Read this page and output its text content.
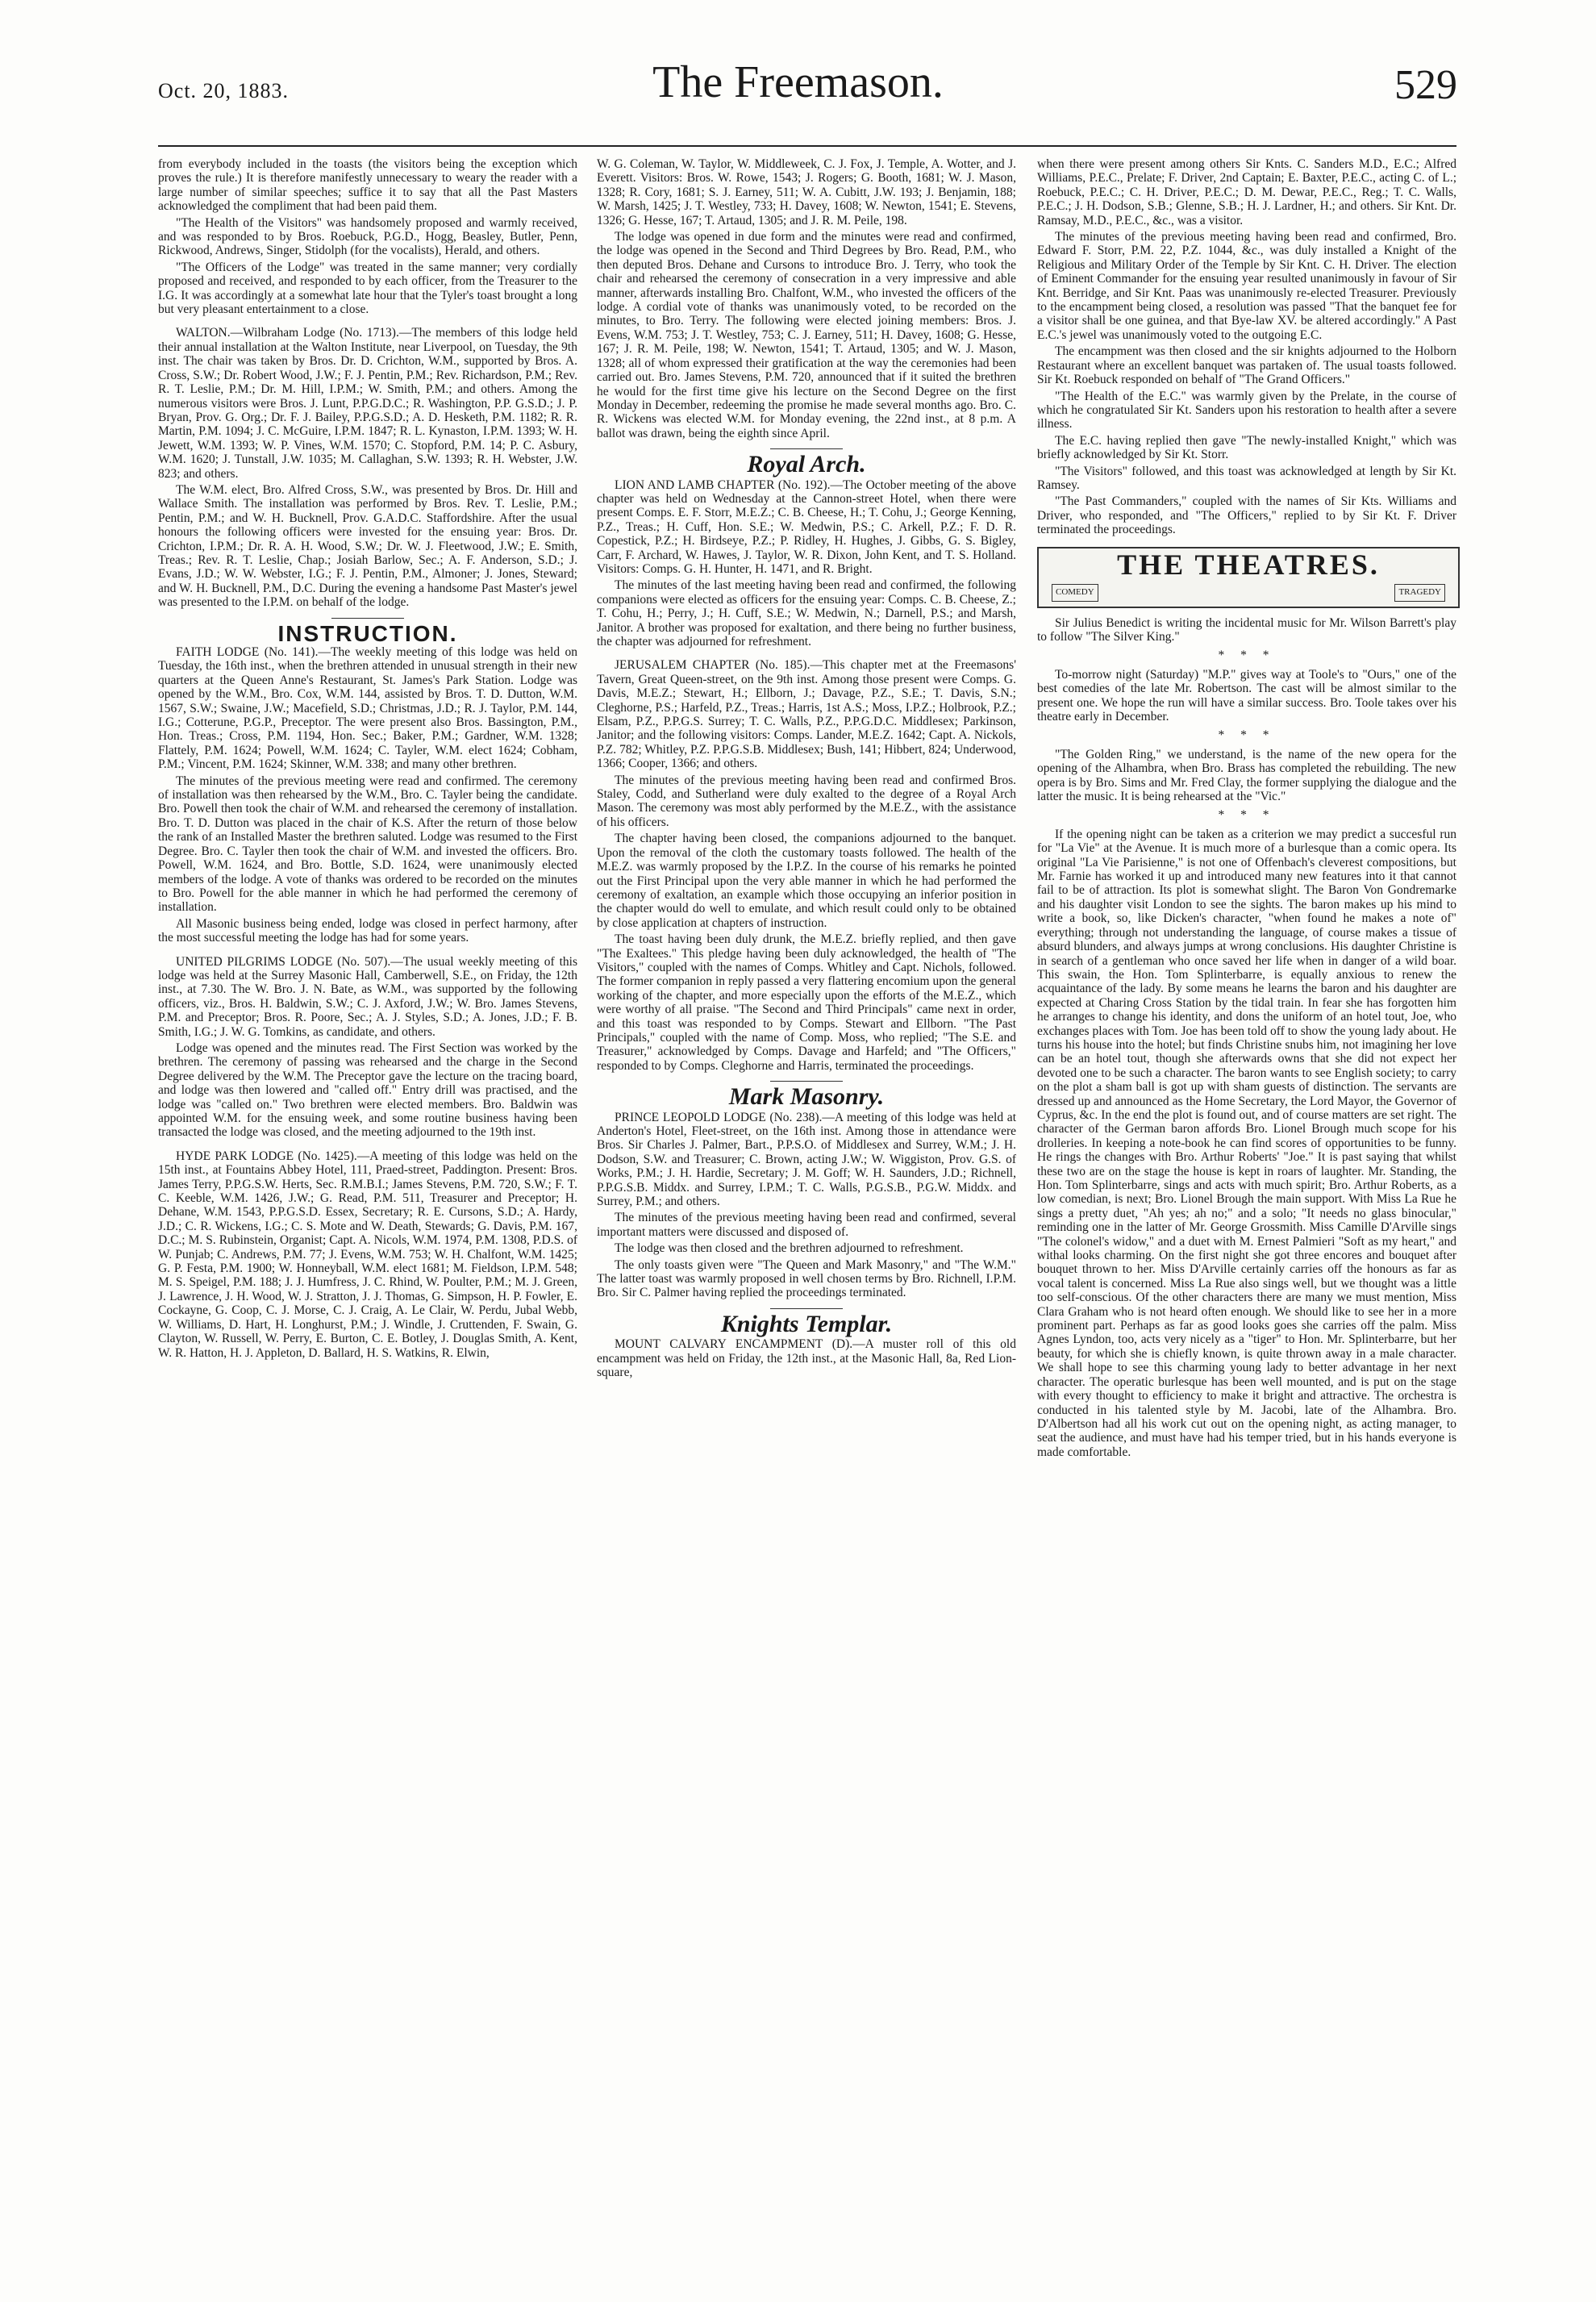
Oct. 20, 1883.	The Freemason.	529

from everybody included in the toasts (the visitors being the exception which proves the rule.) It is therefore manifestly unnecessary to weary the reader with a large number of similar speeches; suffice it to say that all the Past Masters acknowledged the compliment that had been paid them.

"The Health of the Visitors" was handsomely proposed and warmly received, and was responded to by Bros. Roebuck, P.G.D., Hogg, Beasley, Butler, Penn, Rickwood, Andrews, Singer, Stidolph (for the vocalists), Herald, and others.

"The Officers of the Lodge" was treated in the same manner; very cordially proposed and received, and responded to by each officer, from the Treasurer to the I.G. It was accordingly at a somewhat late hour that the Tyler's toast brought a long but very pleasant entertainment to a close.

WALTON.—Wilbraham Lodge (No. 1713).—The members of this lodge held their annual installation at the Walton Institute, near Liverpool, on Tuesday, the 9th inst. The chair was taken by Bros. Dr. D. Crichton, W.M., supported by Bros. A. Cross, S.W.; Dr. Robert Wood, J.W.; F. J. Pentin, P.M.; Rev. Richardson, P.M.; Rev. R. T. Leslie, P.M.; Dr. M. Hill, I.P.M.; W. Smith, P.M.; and others. Among the numerous visitors were Bros. J. Lunt, P.P.G.D.C.; R. Washington, P.P. G.S.D.; J. P. Bryan, Prov. G. Org.; Dr. F. J. Bailey, P.P.G.S.D.; A. D. Hesketh, P.M. 1182; R. R. Martin, P.M. 1094; J. C. McGuire, I.P.M. 1847; R. L. Kynaston, I.P.M. 1393; W. H. Jewett, W.M. 1393; W. P. Vines, W.M. 1570; C. Stopford, P.M. 14; P. C. Asbury, W.M. 1620; J. Tunstall, J.W. 1035; M. Callaghan, S.W. 1393; R. H. Webster, J.W. 823; and others.

The W.M. elect, Bro. Alfred Cross, S.W., was presented by Bros. Dr. Hill and Wallace Smith. The installation was performed by Bros. Rev. T. Leslie, P.M.; Pentin, P.M.; and W. H. Bucknell, Prov. G.A.D.C. Staffordshire. After the usual honours the following officers were invested for the ensuing year: Bros. Dr. Crichton, I.P.M.; Dr. R. A. H. Wood, S.W.; Dr. W. J. Fleetwood, J.W.; E. Smith, Treas.; Rev. R. T. Leslie, Chap.; Josiah Barlow, Sec.; A. F. Anderson, S.D.; J. Evans, J.D.; W. W. Webster, I.G.; F. J. Pentin, P.M., Almoner; J. Jones, Steward; and W. H. Bucknell, P.M., D.C. During the evening a handsome Past Master's jewel was presented to the I.P.M. on behalf of the lodge.

INSTRUCTION.

FAITH LODGE (No. 141).—The weekly meeting of this lodge was held on Tuesday, the 16th inst., when the brethren attended in unusual strength in their new quarters at the Queen Anne's Restaurant, St. James's Park Station. Lodge was opened by the W.M., Bro. Cox, W.M. 144, assisted by Bros. T. D. Dutton, W.M. 1567, S.W.; Swaine, J.W.; Macefield, S.D.; Christmas, J.D.; R. J. Taylor, P.M. 144, I.G.; Cotterune, P.G.P., Preceptor. The were present also Bros. Bassington, P.M., Hon. Treas.; Cross, P.M. 1194, Hon. Sec.; Baker, P.M.; Gardner, W.M. 1328; Flattely, P.M. 1624; Powell, W.M. 1624; C. Tayler, W.M. elect 1624; Cobham, P.M.; Vincent, P.M. 1624; Skinner, W.M. 338; and many other brethren.

The minutes of the previous meeting were read and confirmed. The ceremony of installation was then rehearsed by the W.M., Bro. C. Tayler being the candidate. Bro. Powell then took the chair of W.M. and rehearsed the ceremony of installation. Bro. T. D. Dutton was placed in the chair of K.S. After the return of those below the rank of an Installed Master the brethren saluted. Lodge was resumed to the First Degree. Bro. C. Tayler then took the chair of W.M. and invested the officers. Bro. Powell, W.M. 1624, and Bro. Bottle, S.D. 1624, were unanimously elected members of the lodge. A vote of thanks was ordered to be recorded on the minutes to Bro. Powell for the able manner in which he had performed the ceremony of installation.

All Masonic business being ended, lodge was closed in perfect harmony, after the most successful meeting the lodge has had for some years.

UNITED PILGRIMS LODGE (No. 507).—The usual weekly meeting of this lodge was held at the Surrey Masonic Hall, Camberwell, S.E., on Friday, the 12th inst., at 7.30. The W. Bro. J. N. Bate, as W.M., was supported by the following officers, viz., Bros. H. Baldwin, S.W.; C. J. Axford, J.W.; W. Bro. James Stevens, P.M. and Preceptor; Bros. R. Poore, Sec.; A. J. Styles, S.D.; A. Jones, J.D.; F. B. Smith, I.G.; J. W. G. Tomkins, as candidate, and others.

Lodge was opened and the minutes read. The First Section was worked by the brethren. The ceremony of passing was rehearsed and the charge in the Second Degree delivered by the W.M. The Preceptor gave the lecture on the tracing board, and lodge was then lowered and "called off." Entry drill was practised, and the lodge was "called on." Two brethren were elected members. Bro. Baldwin was appointed W.M. for the ensuing week, and some routine business having been transacted the lodge was closed, and the meeting adjourned to the 19th inst.

HYDE PARK LODGE (No. 1425).—A meeting of this lodge was held on the 15th inst., at Fountains Abbey Hotel, 111, Praed-street, Paddington. Present: Bros. James Terry, P.P.G.S.W. Herts, Sec. R.M.B.I.; James Stevens, P.M. 720, S.W.; F. T. C. Keeble, W.M. 1426, J.W.; G. Read, P.M. 511, Treasurer and Preceptor; H. Dehane, W.M. 1543, P.P.G.S.D. Essex, Secretary; R. E. Cursons, S.D.; A. Hardy, J.D.; C. R. Wickens, I.G.; C. S. Mote and W. Death, Stewards; G. Davis, P.M. 167, D.C.; M. S. Rubinstein, Organist; Capt. A. Nicols, W.M. 1974, P.M. 1308, P.D.S. of W. Punjab; C. Andrews, P.M. 77; J. Evens, W.M. 753; W. H. Chalfont, W.M. 1425; G. P. Festa, P.M. 1900; W. Honneyball, W.M. elect 1681; M. Fieldson, I.P.M. 548; M. S. Speigel, P.M. 188; J. J. Humfress, J. C. Rhind, W. Poulter, P.M.; M. J. Green, J. Lawrence, J. H. Wood, W. J. Stratton, J. J. Thomas, G. Simpson, H. P. Fowler, E. Cockayne, G. Coop, C. J. Morse, C. J. Craig, A. Le Clair, W. Perdu, Jubal Webb, W. Williams, D. Hart, H. Longhurst, P.M.; J. Windle, J. Cruttenden, F. Swain, G. Clayton, W. Russell, W. Perry, E. Burton, C. E. Botley, J. Douglas Smith, A. Kent, W. R. Hatton, H. J. Appleton, D. Ballard, H. S. Watkins, R. Elwin,

W. G. Coleman, W. Taylor, W. Middleweek, C. J. Fox, J. Temple, A. Wotter, and J. Everett. Visitors: Bros. W. Rowe, 1543; J. Rogers; G. Booth, 1681; W. J. Mason, 1328; R. Cory, 1681; S. J. Earney, 511; W. A. Cubitt, J.W. 193; J. Benjamin, 188; W. Marsh, 1425; J. T. Westley, 733; H. Davey, 1608; W. Newton, 1541; E. Stevens, 1326; G. Hesse, 167; T. Artaud, 1305; and J. R. M. Peile, 198.

The lodge was opened in due form and the minutes were read and confirmed, the lodge was opened in the Second and Third Degrees by Bro. Read, P.M., who then deputed Bros. Dehane and Cursons to introduce Bro. J. Terry, who took the chair and rehearsed the ceremony of consecration in a very impressive and able manner, afterwards installing Bro. Chalfont, W.M., who invested the officers of the lodge. A cordial vote of thanks was unanimously voted, to be recorded on the minutes, to Bro. Terry. The following were elected joining members: Bros. J. Evens, W.M. 753; J. T. Westley, 753; C. J. Earney, 511; H. Davey, 1608; G. Hesse, 167; J. R. M. Peile, 198; W. Newton, 1541; T. Artaud, 1305; and W. J. Mason, 1328; all of whom expressed their gratification at the way the ceremonies had been carried out. Bro. James Stevens, P.M. 720, announced that if it suited the brethren he would for the first time give his lecture on the Second Degree on the first Monday in December, redeeming the promise he made several months ago. Bro. C. R. Wickens was elected W.M. for Monday evening, the 22nd inst., at 8 p.m. A ballot was drawn, being the eighth since April.

Royal Arch.

LION AND LAMB CHAPTER (No. 192).—The October meeting of the above chapter was held on Wednesday at the Cannon-street Hotel, when there were present Comps. E. F. Storr, M.E.Z.; C. B. Cheese, H.; T. Cohu, J.; George Kenning, P.Z., Treas.; H. Cuff, Hon. S.E.; W. Medwin, P.S.; C. Arkell, P.Z.; F. D. R. Copestick, P.Z.; H. Birdseye, P.Z.; P. Ridley, H. Hughes, J. Gibbs, G. S. Bigley, Carr, F. Archard, W. Hawes, J. Taylor, W. R. Dixon, John Kent, and T. S. Holland. Visitors: Comps. G. H. Hunter, H. 1471, and R. Bright.

The minutes of the last meeting having been read and confirmed, the following companions were elected as officers for the ensuing year: Comps. C. B. Cheese, Z.; T. Cohu, H.; Perry, J.; H. Cuff, S.E.; W. Medwin, N.; Darnell, P.S.; and Marsh, Janitor. A brother was proposed for exaltation, and there being no further business, the chapter was adjourned for refreshment.

JERUSALEM CHAPTER (No. 185).—This chapter met at the Freemasons' Tavern, Great Queen-street, on the 9th inst. Among those present were Comps. G. Davis, M.E.Z.; Stewart, H.; Ellborn, J.; Davage, P.Z., S.E.; T. Davis, S.N.; Cleghorne, P.S.; Harfeld, P.Z., Treas.; Harris, 1st A.S.; Moss, I.P.Z.; Holbrook, P.Z.; Elsam, P.Z., P.P.G.S. Surrey; T. C. Walls, P.Z., P.P.G.D.C. Middlesex; Parkinson, Janitor; and the following visitors: Comps. Lander, M.E.Z. 1642; Capt. A. Nickols, P.Z. 782; Whitley, P.Z. P.P.G.S.B. Middlesex; Bush, 141; Hibbert, 824; Underwood, 1366; Cooper, 1366; and others.

The minutes of the previous meeting having been read and confirmed Bros. Staley, Codd, and Sutherland were duly exalted to the degree of a Royal Arch Mason. The ceremony was most ably performed by the M.E.Z., with the assistance of his officers.

The chapter having been closed, the companions adjourned to the banquet. Upon the removal of the cloth the customary toasts followed. The health of the M.E.Z. was warmly proposed by the I.P.Z. In the course of his remarks he pointed out the First Principal upon the very able manner in which he had performed the ceremony of exaltation, an example which those occupying an inferior position in the chapter would do well to emulate, and which result could only to be obtained by close application at chapters of instruction.

The toast having been duly drunk, the M.E.Z. briefly replied, and then gave "The Exaltees." This pledge having been duly acknowledged, the health of "The Visitors," coupled with the names of Comps. Whitley and Capt. Nichols, followed. The former companion in reply passed a very flattering encomium upon the general working of the chapter, and more especially upon the efforts of the M.E.Z., which were worthy of all praise. "The Second and Third Principals" came next in order, and this toast was responded to by Comps. Stewart and Ellborn. "The Past Principals," coupled with the name of Comp. Moss, who replied; "The S.E. and Treasurer," acknowledged by Comps. Davage and Harfeld; and "The Officers," responded to by Comps. Cleghorne and Harris, terminated the proceedings.

Mark Masonry.

PRINCE LEOPOLD LODGE (No. 238).—A meeting of this lodge was held at Anderton's Hotel, Fleet-street, on the 16th inst. Among those in attendance were Bros. Sir Charles J. Palmer, Bart., P.P.S.O. of Middlesex and Surrey, W.M.; J. H. Dodson, S.W. and Treasurer; C. Brown, acting J.W.; W. Wiggiston, Prov. G.S. of Works, P.M.; J. H. Hardie, Secretary; J. M. Goff; W. H. Saunders, J.D.; Richnell, P.P.G.S.B. Middx. and Surrey, I.P.M.; T. C. Walls, P.G.S.B., P.G.W. Middx. and Surrey, P.M.; and others.

The minutes of the previous meeting having been read and confirmed, several important matters were discussed and disposed of.

The lodge was then closed and the brethren adjourned to refreshment.

The only toasts given were "The Queen and Mark Masonry," and "The W.M." The latter toast was warmly proposed in well chosen terms by Bro. Richnell, I.P.M. Bro. Sir C. Palmer having replied the proceedings terminated.

Knights Templar.

MOUNT CALVARY ENCAMPMENT (D).—A muster roll of this old encampment was held on Friday, the 12th inst., at the Masonic Hall, 8a, Red Lion-square,

when there were present among others Sir Knts. C. Sanders M.D., E.C.; Alfred Williams, P.E.C., Prelate; F. Driver, 2nd Captain; E. Baxter, P.E.C., acting C. of L.; Roebuck, P.E.C.; C. H. Driver, P.E.C.; D. M. Dewar, P.E.C., Reg.; T. C. Walls, P.E.C.; J. H. Dodson, S.B.; Glenne, S.B.; H. J. Lardner, H.; and others. Sir Knt. Dr. Ramsay, M.D., P.E.C., &c., was a visitor.

The minutes of the previous meeting having been read and confirmed, Bro. Edward F. Storr, P.M. 22, P.Z. 1044, &c., was duly installed a Knight of the Religious and Military Order of the Temple by Sir Knt. C. H. Driver. The election of Eminent Commander for the ensuing year resulted unanimously in favour of Sir Knt. Berridge, and Sir Knt. Paas was unanimously re-elected Treasurer. Previously to the encampment being closed, a resolution was passed "That the banquet fee for a visitor shall be one guinea, and that Bye-law XV. be altered accordingly." A Past E.C.'s jewel was unanimously voted to the outgoing E.C.

The encampment was then closed and the sir knights adjourned to the Holborn Restaurant where an excellent banquet was partaken of. The usual toasts followed. Sir Kt. Roebuck responded on behalf of "The Grand Officers."

"The Health of the E.C." was warmly given by the Prelate, in the course of which he congratulated Sir Kt. Sanders upon his restoration to health after a severe illness.

The E.C. having replied then gave "The newly-installed Knight," which was briefly acknowledged by Sir Kt. Storr.

"The Visitors" followed, and this toast was acknowledged at length by Sir Kt. Ramsey.

"The Past Commanders," coupled with the names of Sir Kts. Williams and Driver, who responded, and "The Officers," replied to by Sir Kt. F. Driver terminated the proceedings.

THE THEATRES.
COMEDY	TRAGEDY

Sir Julius Benedict is writing the incidental music for Mr. Wilson Barrett's play to follow "The Silver King."

* * *

To-morrow night (Saturday) "M.P." gives way at Toole's to "Ours," one of the best comedies of the late Mr. Robertson. The cast will be almost similar to the present one. We hope the run will have a similar success. Bro. Toole takes over his theatre early in December.

* * *

"The Golden Ring," we understand, is the name of the new opera for the opening of the Alhambra, when Bro. Brass has completed the rebuilding. The new opera is by Bro. Sims and Mr. Fred Clay, the former supplying the dialogue and the latter the music. It is being rehearsed at the "Vic."

* * *

If the opening night can be taken as a criterion we may predict a succesful run for "La Vie" at the Avenue. It is much more of a burlesque than a comic opera. Its original "La Vie Parisienne," is not one of Offenbach's cleverest compositions, but Mr. Farnie has worked it up and introduced many new features into it that cannot fail to be of attraction. Its plot is somewhat slight. The Baron Von Gondremarke and his daughter visit London to see the sights. The baron makes up his mind to write a book, so, like Dicken's character, "when found he makes a note of" everything; through not understanding the language, of course makes a tissue of absurd blunders, and always jumps at wrong conclusions. His daughter Christine is in search of a gentleman who once saved her life when in danger of a wild boar. This swain, the Hon. Tom Splinterbarre, is equally anxious to renew the acquaintance of the lady. By some means he learns the baron and his daughter are expected at Charing Cross Station by the tidal train. In fear she has forgotten him he arranges to change his identity, and dons the uniform of an hotel tout, Joe, who exchanges places with Tom. Joe has been told off to show the young lady about. He turns his house into the hotel; but finds Christine snubs him, not imagining her love can be an hotel tout, though she afterwards owns that she did not expect her devoted one to be such a character. The baron wants to see English society; to carry on the plot a sham ball is got up with sham guests of distinction. The servants are dressed up and announced as the Home Secretary, the Lord Mayor, the Governor of Cyprus, &c. In the end the plot is found out, and of course matters are set right. The character of the German baron affords Bro. Lionel Brough much scope for his drolleries. In keeping a note-book he can find scores of opportunities to be funny. He rings the changes with Bro. Arthur Roberts' "Joe." It is past saying that whilst these two are on the stage the house is kept in roars of laughter. Mr. Standing, the Hon. Tom Splinterbarre, sings and acts with much spirit; Bro. Arthur Roberts, as a low comedian, is next; Bro. Lionel Brough the main support. With Miss La Rue he sings a pretty duet, "Ah yes; ah no;" and a solo; "It needs no glass binocular," reminding one in the latter of Mr. George Grossmith. Miss Camille D'Arville sings "The colonel's widow," and a duet with M. Ernest Palmieri "Soft as my heart," and withal looks charming. On the first night she got three encores and bouquet after bouquet thrown to her. Miss D'Arville certainly carries off the honours as far as vocal talent is concerned. Miss La Rue also sings well, but we thought was a little too self-conscious. Of the other characters there are many we must mention, Miss Clara Graham who is not heard often enough. We should like to see her in a more prominent part. Perhaps as far as good looks goes she carries off the palm. Miss Agnes Lyndon, too, acts very nicely as a "tiger" to Hon. Mr. Splinterbarre, but her beauty, for which she is chiefly known, is quite thrown away in a male character. We shall hope to see this charming young lady to better advantage in her next character. The operatic burlesque has been well mounted, and is put on the stage with every thought to efficiency to make it bright and attractive. The orchestra is conducted in his talented style by M. Jacobi, late of the Alhambra. Bro. D'Albertson had all his work cut out on the opening night, as acting manager, to seat the audience, and must have had his temper tried, but in his hands everyone is made comfortable.
